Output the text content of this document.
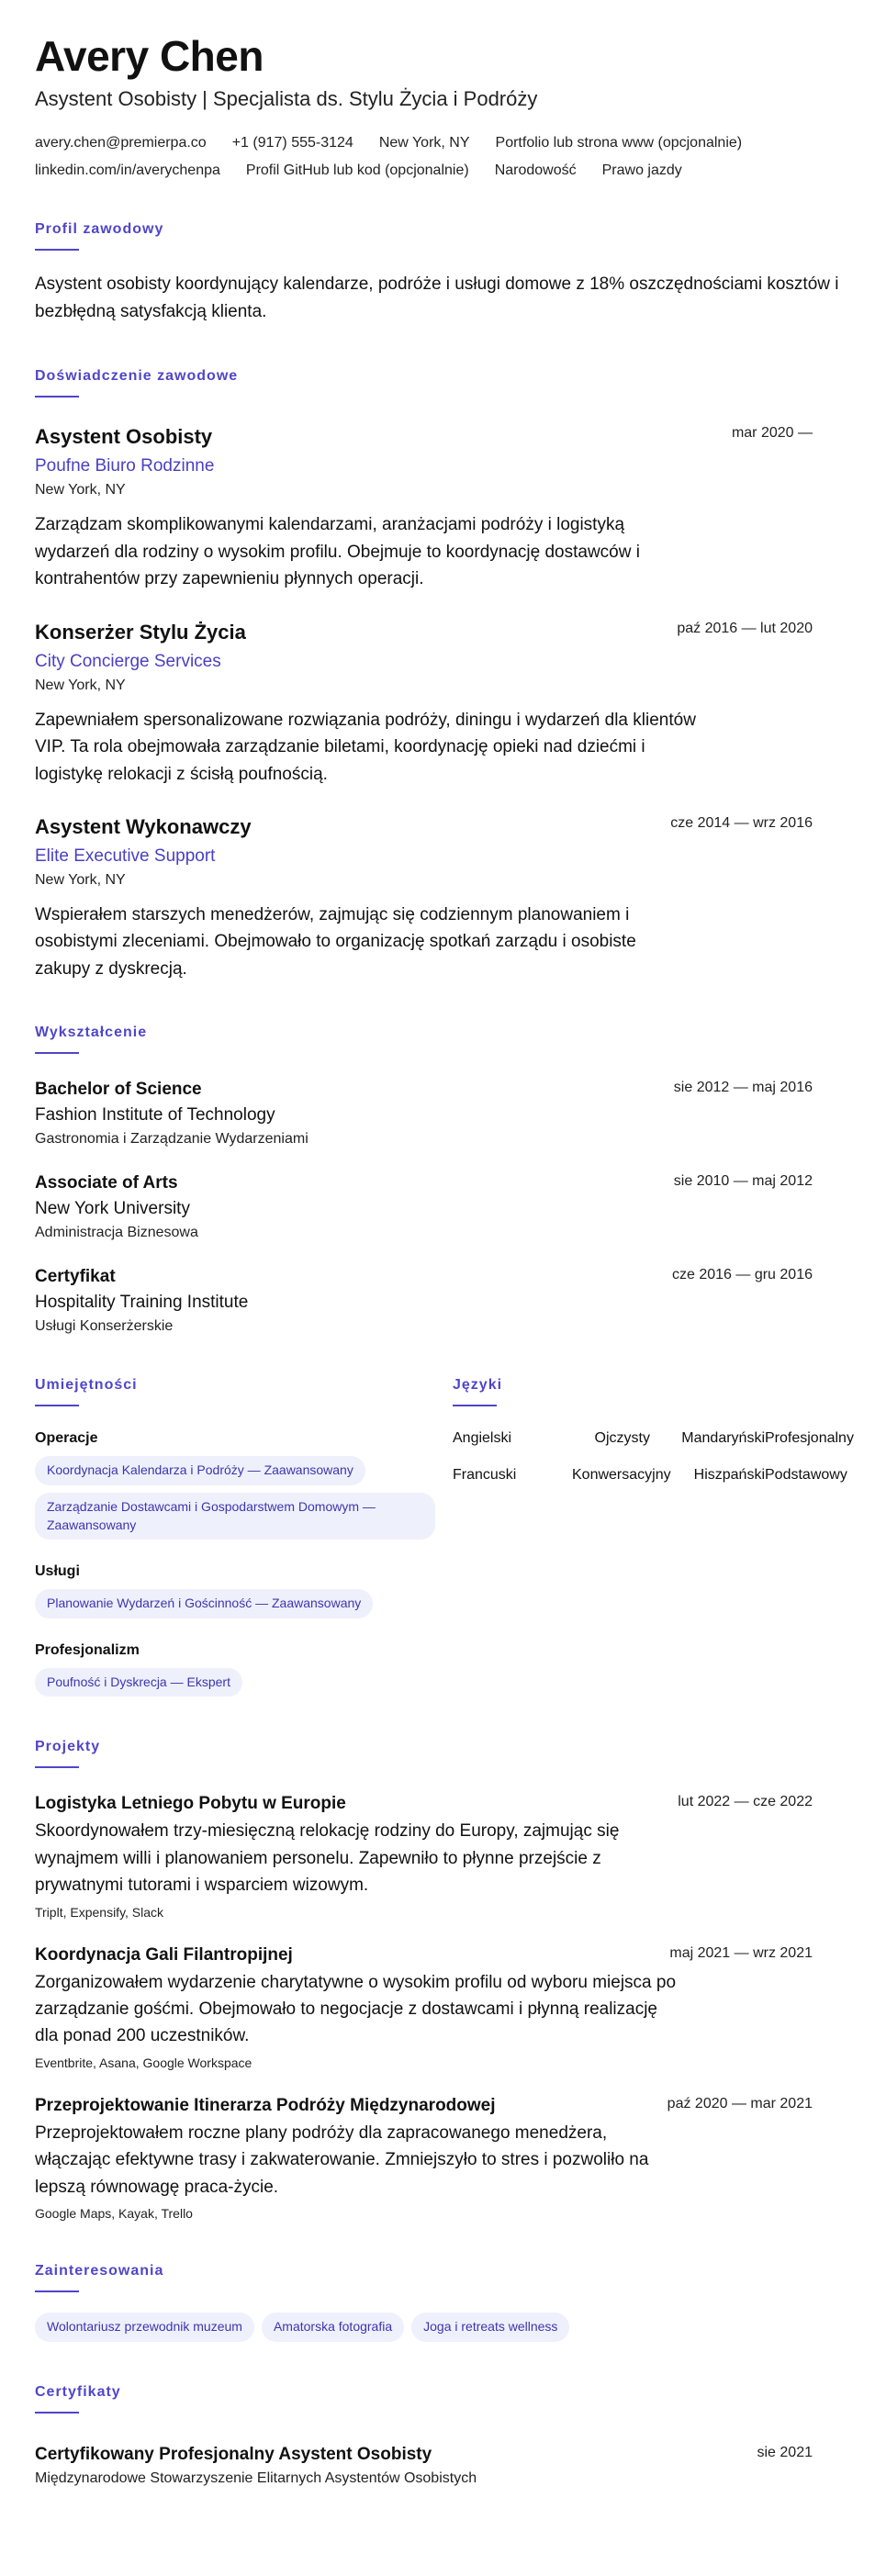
Avery Chen
Asystent Osobisty | Specjalista ds. Stylu Życia i Podróży
avery.chen@premierpa.co +1 (917) 555-3124 New York, NY Portfolio lub strona www (opcjonalnie)
linkedin.com/in/averychenpa Profil GitHub lub kod (opcjonalnie) Narodowość Prawo jazdy
Profil zawodowy
Asystent osobisty koordynujący kalendarze, podróże i usługi domowe z 18% oszczędnościami kosztów i bezbłędną satysfakcją klienta.
Doświadczenie zawodowe
mar 2020 —
Asystent Osobisty
Poufne Biuro Rodzinne
New York, NY
Zarządzam skomplikowanymi kalendarzami, aranżacjami podróży i logistyką wydarzeń dla rodziny o wysokim profilu. Obejmuje to koordynację dostawców i kontrahentów przy zapewnieniu płynnych operacji.
paź 2016 — lut 2020
Konserżer Stylu Życia
City Concierge Services
New York, NY
Zapewniałem spersonalizowane rozwiązania podróży, diningu i wydarzeń dla klientów VIP. Ta rola obejmowała zarządzanie biletami, koordynację opieki nad dziećmi i logistykę relokacji z ścisłą poufnością.
cze 2014 — wrz 2016
Asystent Wykonawczy
Elite Executive Support
New York, NY
Wspierałem starszych menedżerów, zajmując się codziennym planowaniem i osobistymi zleceniami. Obejmowało to organizację spotkań zarządu i osobiste zakupy z dyskrecją.
Wykształcenie
sie 2012 — maj 2016
Bachelor of Science
Fashion Institute of Technology
Gastronomia i Zarządzanie Wydarzeniami
sie 2010 — maj 2012
Associate of Arts
New York University
Administracja Biznesowa
cze 2016 — gru 2016
Certyfikat
Hospitality Training Institute
Usługi Konserżerskie
Umiejętności
Operacje
Koordynacja Kalendarza i Podróży — Zaawansowany
Zarządzanie Dostawcami i Gospodarstwem Domowym — Zaawansowany
Usługi
Planowanie Wydarzeń i Gościnność — Zaawansowany
Profesjonalizm
Poufność i Dyskrecja — Ekspert
Języki
Angielski	Ojczysty	Mandaryński Profesjonalny
Francuski	Konwersacyjny	Hiszpański Podstawowy
Projekty
lut 2022 — cze 2022
Logistyka Letniego Pobytu w Europie
Skoordynowałem trzy-miesięczną relokację rodziny do Europy, zajmując się wynajmem willi i planowaniem personelu. Zapewniło to płynne przejście z prywatnymi tutorami i wsparciem wizowym.
Triplt, Expensify, Slack
maj 2021 — wrz 2021
Koordynacja Gali Filantropijnej
Zorganizowałem wydarzenie charytatywne o wysokim profilu od wyboru miejsca po zarządzanie gośćmi. Obejmowało to negocjacje z dostawcami i płynną realizację dla ponad 200 uczestników.
Eventbrite, Asana, Google Workspace
paź 2020 — mar 2021
Przeprojektowanie Itinerarza Podróży Międzynarodowej
Przeprojektowałem roczne plany podróży dla zapracowanego menedżera, włączając efektywne trasy i zakwaterowanie. Zmniejszyło to stres i pozwoliło na lepszą równowagę praca-życie.
Google Maps, Kayak, Trello
Zainteresowania
Wolontariusz przewodnik muzeum	Amatorska fotografia	Joga i retreats wellness
Certyfikaty
sie 2021
Certyfikowany Profesjonalny Asystent Osobisty
Międzynarodowe Stowarzyszenie Elitarnych Asystentów Osobistych
